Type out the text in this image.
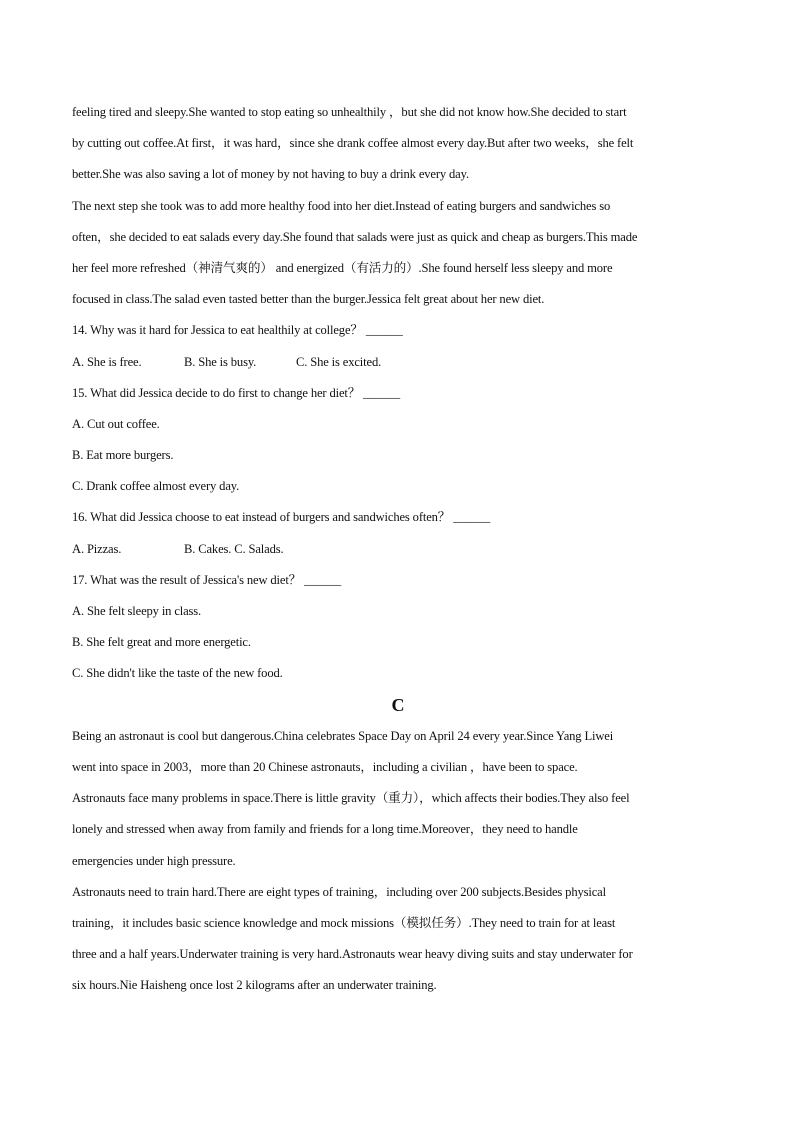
feeling tired and sleepy.She wanted to stop eating so unhealthily ，but she did not know how.She decided to start

by cutting out coffee.At first，it was hard，since she drank coffee almost every day.But after two weeks，she felt

better.She was also saving a lot of money by not having to buy a drink every day.

The next step she took was to add more healthy food into her diet.Instead of eating burgers and sandwiches so

often，she decided to eat salads every day.She found that salads were just as quick and cheap as burgers.This made

her feel more refreshed（神清气爽的） and energized（有活力的）.She found herself less sleepy and more

focused in class.The salad even tasted better than the burger.Jessica felt great about her new diet.

14. Why was it hard for Jessica to eat healthily at college？ ______

A. She is free.	B. She is busy.	C. She is excited.

15. What did Jessica decide to do first to change her diet？ ______

A. Cut out coffee.

B. Eat more burgers.

C. Drank coffee almost every day.

16. What did Jessica choose to eat instead of burgers and sandwiches often？ ______

A. Pizzas.	B. Cakes. C. Salads.

17. What was the result of Jessica's new diet？ ______

A. She felt sleepy in class.

B. She felt great and more energetic.

C. She didn't like the taste of the new food.

C

Being an astronaut is cool but dangerous.China celebrates Space Day on April 24 every year.Since Yang Liwei

went into space in 2003，more than 20 Chinese astronauts，including a civilian ，have been to space.

Astronauts face many problems in space.There is little gravity（重力），which affects their bodies.They also feel

lonely and stressed when away from family and friends for a long time.Moreover，they need to handle

emergencies under high pressure.

Astronauts need to train hard.There are eight types of training，including over 200 subjects.Besides physical

training，it includes basic science knowledge and mock missions（模拟任务）.They need to train for at least

three and a half years.Underwater training is very hard.Astronauts wear heavy diving suits and stay underwater for

six hours.Nie Haisheng once lost 2 kilograms after an underwater training.
